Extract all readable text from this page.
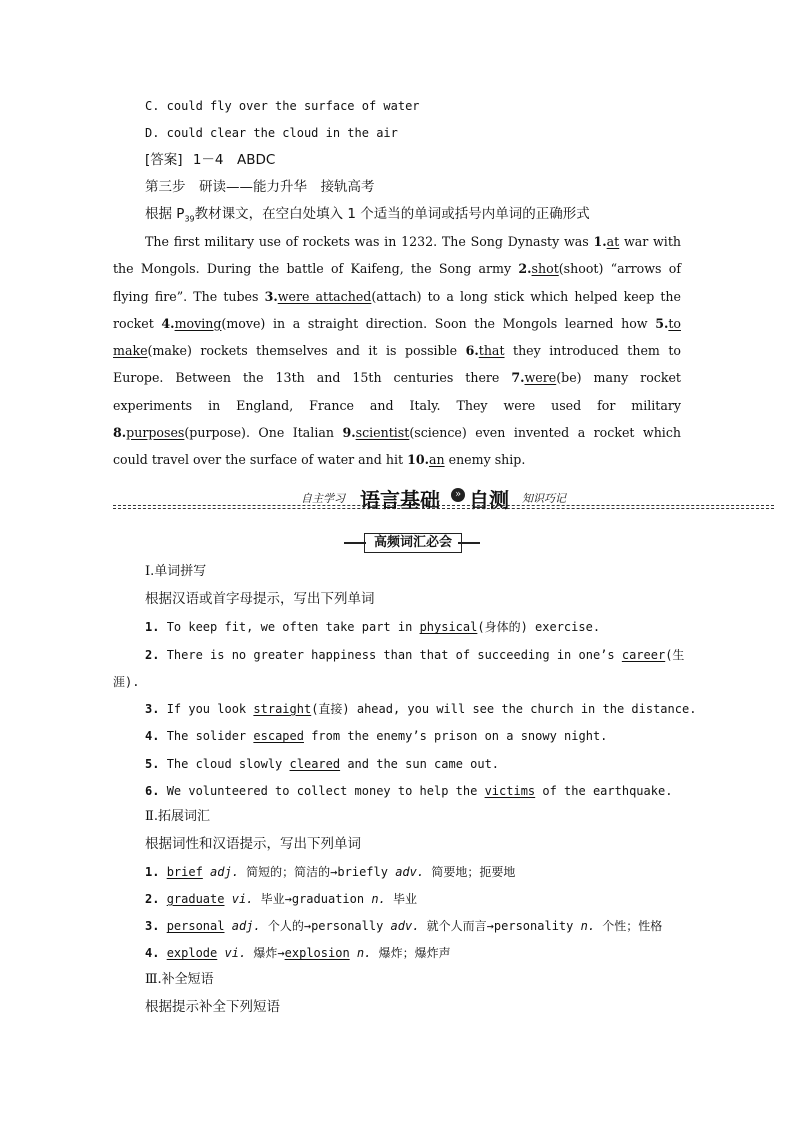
C. could fly over the surface of water
D. could clear the cloud in the air
[答案] 1－4　ABDC
第三步　研读——能力升华　接轨高考
根据 $P_{39}$教材课文，在空白处填入 1 个适当的单词或括号内单词的正确形式
The first military use of rockets was in 1232. The Song Dynasty was 1.at war with the Mongols. During the battle of Kaifeng, the Song army 2.shot(shoot) “arrows of flying fire”. The tubes 3.were attached(attach) to a long stick which helped keep the rocket 4.moving(move) in a straight direction. Soon the Mongols learned how 5.to make(make) rockets themselves and it is possible 6.that they introduced them to Europe. Between the 13th and 15th centuries there 7.were(be) many rocket experiments in England, France and Italy. They were used for military 8.purposes(purpose). One Italian 9.scientist(science) even invented a rocket which could travel over the surface of water and hit 10.an enemy ship.
自主学习 语言基础	» 自测 知识巧记
高频词汇必会
Ⅰ.单词拼写
根据汉语或首字母提示，写出下列单词
1. To keep fit, we often take part in physical(身体的) exercise.
2. There is no greater happiness than that of succeeding in one’s career(生
涯).
3. If you look straight(直接) ahead, you will see the church in the distance.
4. The solider escaped from the enemy’s prison on a snowy night.
5. The cloud slowly cleared and the sun came out.
6. We volunteered to collect money to help the victims of the earthquake.
Ⅱ.拓展词汇
根据词性和汉语提示，写出下列单词
1. brief adj. 简短的；简洁的→briefly adv. 简要地；扼要地
2. graduate vi. 毕业→graduation n. 毕业
3. personal adj. 个人的→personally adv. 就个人而言→personality n. 个性；性格
4. explode vi. 爆炸→explosion n. 爆炸；爆炸声
Ⅲ.补全短语
根据提示补全下列短语
